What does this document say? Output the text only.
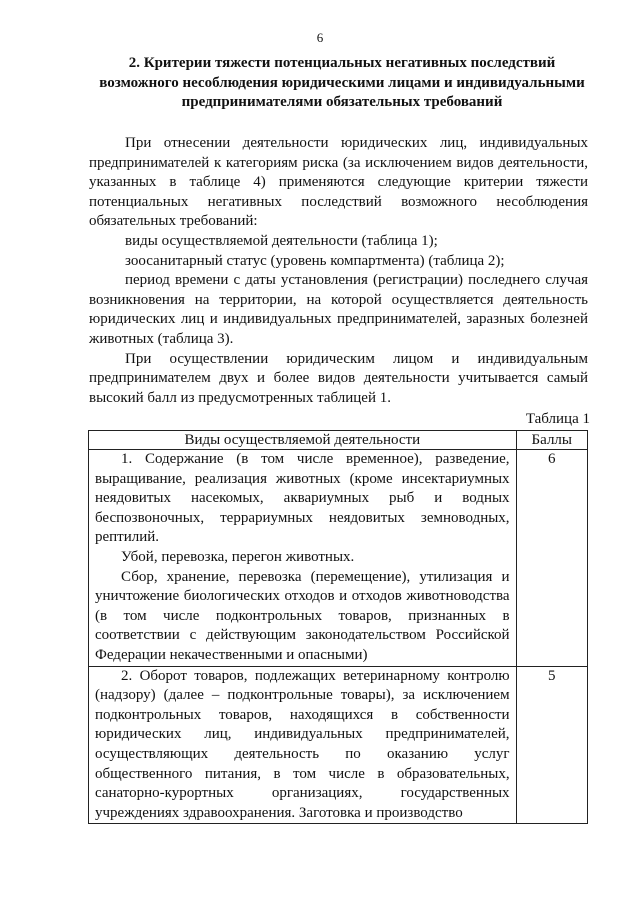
6
2. Критерии тяжести потенциальных негативных последствий возможного несоблюдения юридическими лицами и индивидуальными предпринимателями обязательных требований

При отнесении деятельности юридических лиц, индивидуальных предпринимателей к категориям риска (за исключением видов деятельности, указанных в таблице 4) применяются следующие критерии тяжести потенциальных негативных последствий возможного несоблюдения обязательных требований:

виды осуществляемой деятельности (таблица 1);

зоосанитарный статус (уровень компартмента) (таблица 2);

период времени с даты установления (регистрации) последнего случая возникновения на территории, на которой осуществляется деятельность юридических лиц и индивидуальных предпринимателей, заразных болезней животных (таблица 3).

При осуществлении юридическим лицом и индивидуальным предпринимателем двух и более видов деятельности учитывается самый высокий балл из предусмотренных таблицей 1.

Таблица 1
Виды осуществляемой деятельности	Баллы

1. Содержание (в том числе временное), разведение, выращивание, реализация животных (кроме инсектариумных неядовитых насекомых, аквариумных рыб и водных беспозвоночных, террариумных неядовитых земноводных, рептилий.

Убой, перевозка, перегон животных.

Сбор, хранение, перевозка (перемещение), утилизация и уничтожение биологических отходов и отходов животноводства (в том числе подконтрольных товаров, признанных в соответствии с действующим законодательством Российской Федерации некачественными и опасными)	6

2. Оборот товаров, подлежащих ветеринарному контролю (надзору) (далее – подконтрольные товары), за исключением подконтрольных товаров, находящихся в собственности юридических лиц, индивидуальных предпринимателей, осуществляющих деятельность по оказанию услуг общественного питания, в том числе в образовательных, санаторно-курортных организациях, государственных учреждениях здравоохранения. Заготовка и производство	5
